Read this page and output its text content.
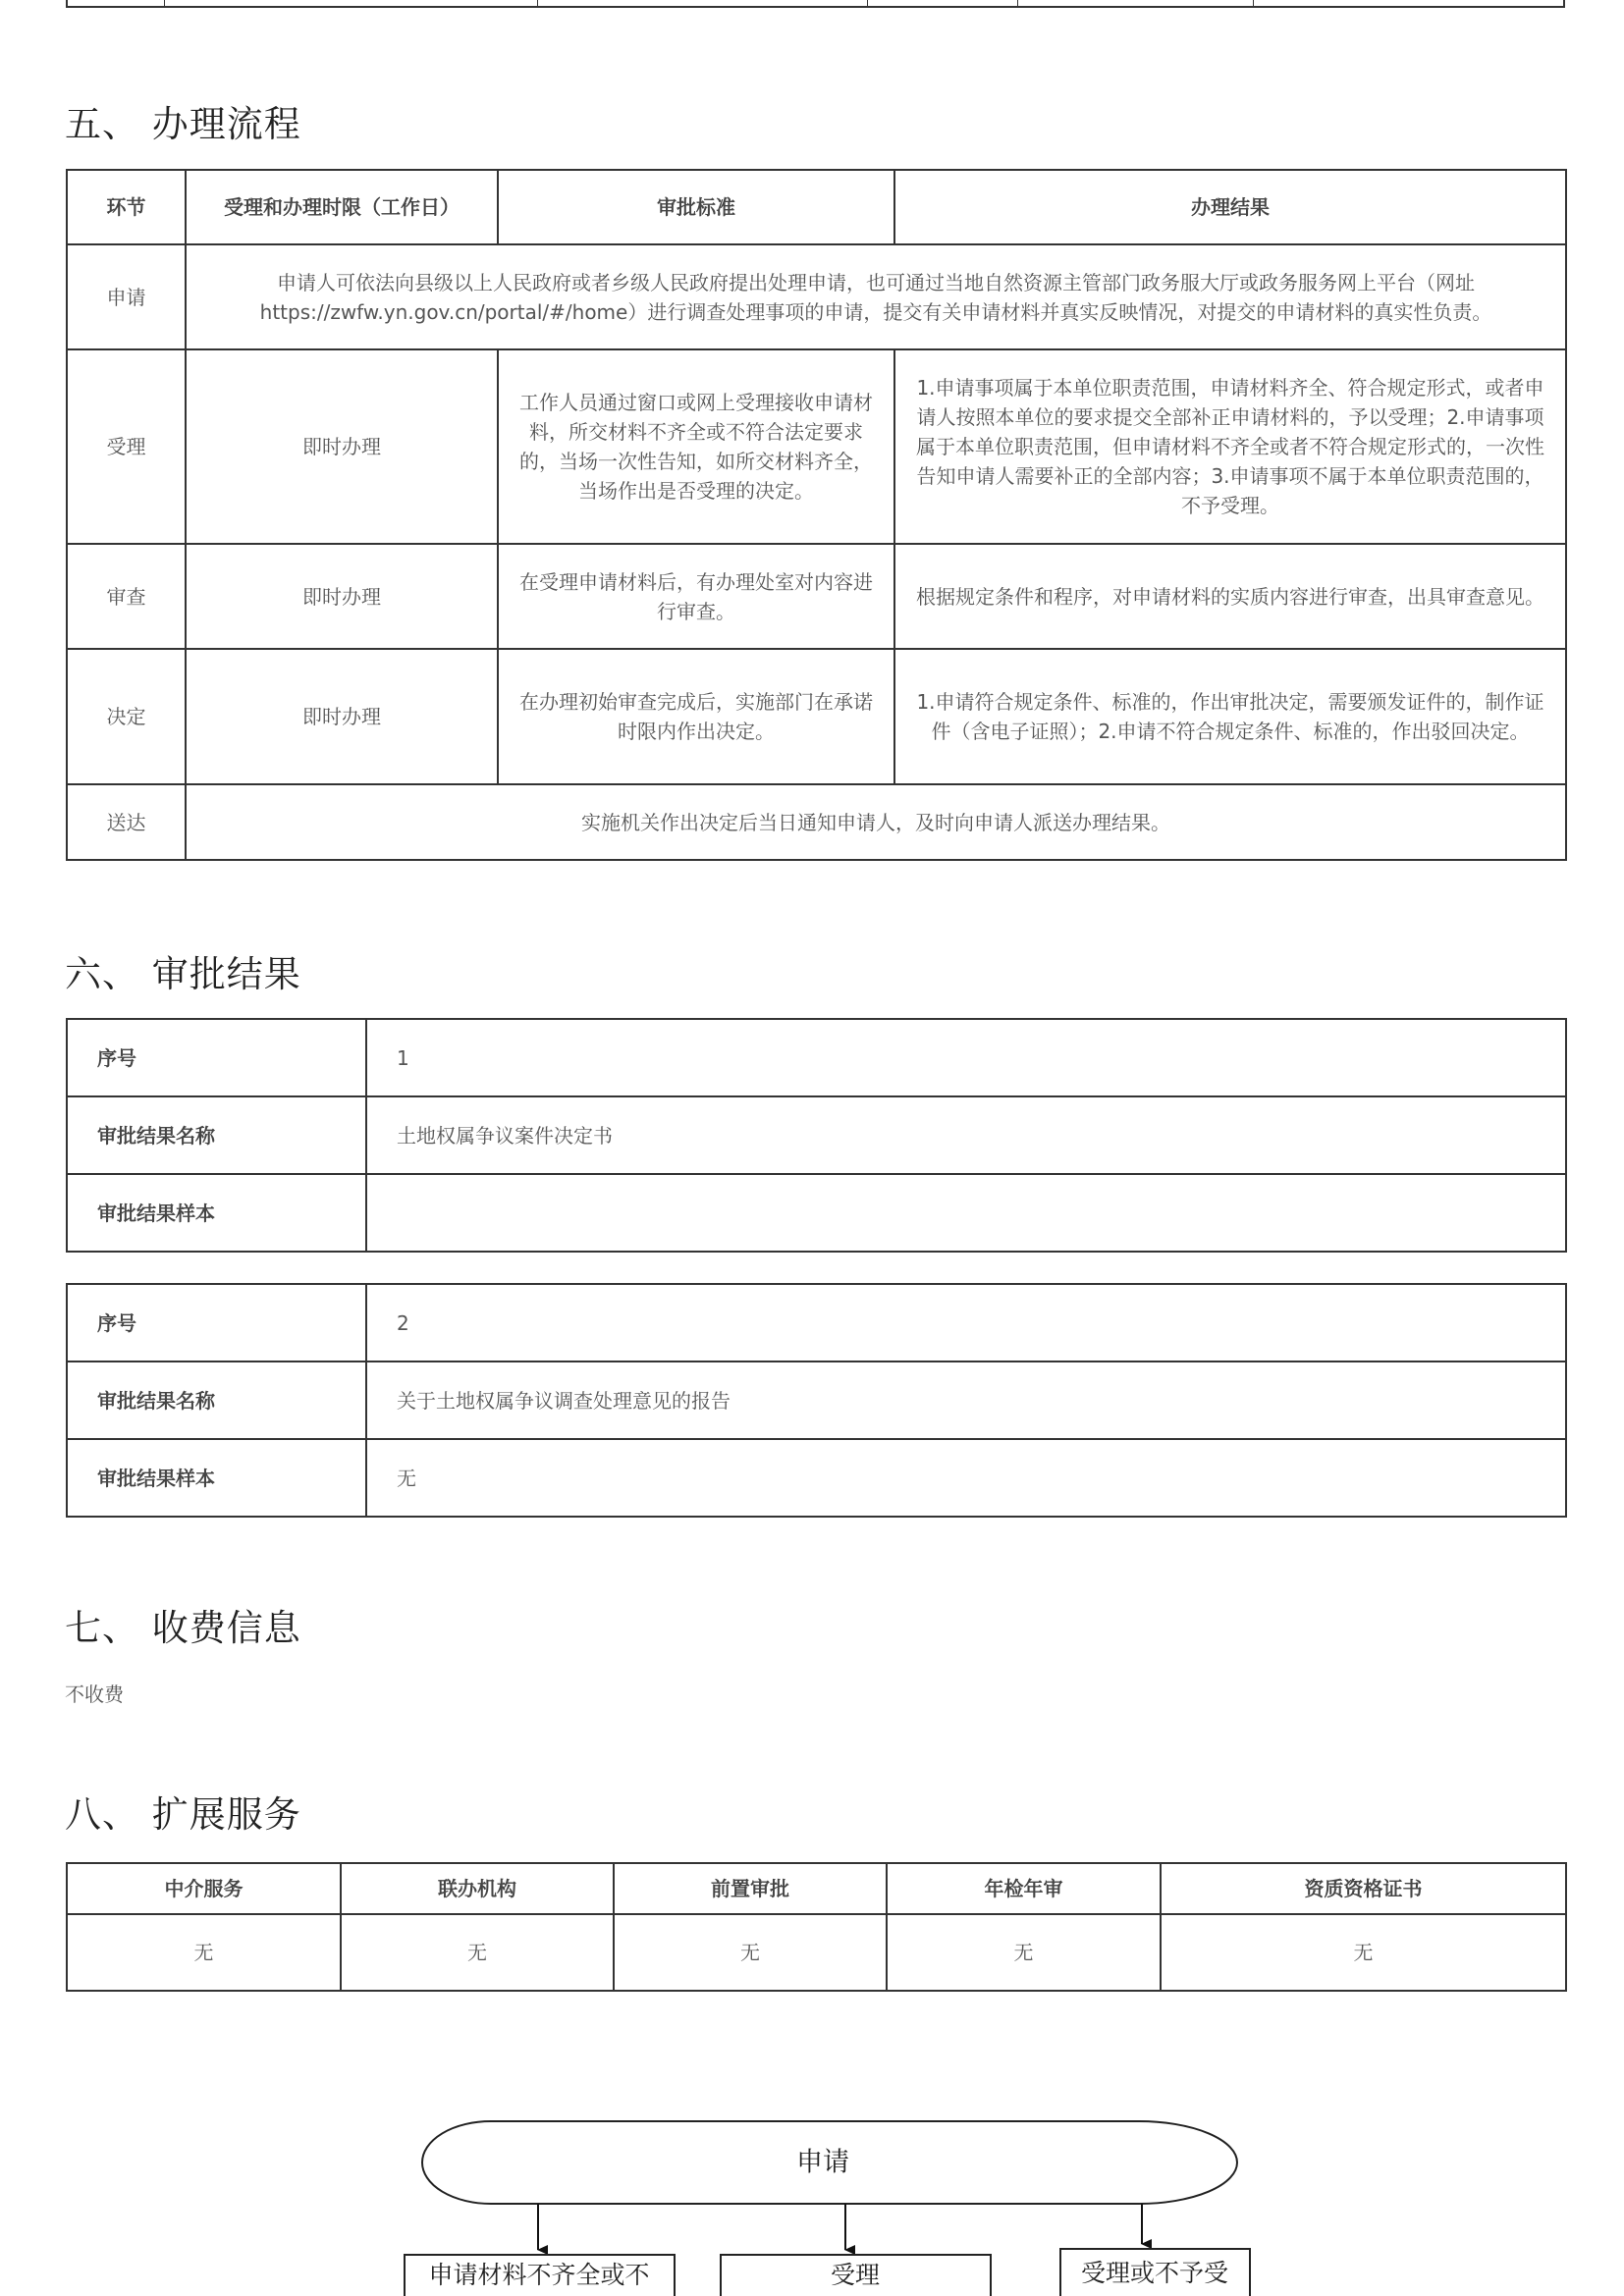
五、 办理流程
环节	受理和办理时限（工作日）	审批标准	办理结果
申请	申请人可依法向县级以上人民政府或者乡级人民政府提出处理申请，也可通过当地自然资源主管部门政务服大厅或政务服务网上平台（网址https://zwfw.yn.gov.cn/portal/#/home）进行调查处理事项的申请，提交有关申请材料并真实反映情况，对提交的申请材料的真实性负责。		
受理	即时办理	工作人员通过窗口或网上受理接收申请材料，所交材料不齐全或不符合法定要求的，当场一次性告知，如所交材料齐全，当场作出是否受理的决定。	1.申请事项属于本单位职责范围，申请材料齐全、符合规定形式，或者申请人按照本单位的要求提交全部补正申请材料的，予以受理；2.申请事项属于本单位职责范围，但申请材料不齐全或者不符合规定形式的，一次性告知申请人需要补正的全部内容；3.申请事项不属于本单位职责范围的，不予受理。
审查	即时办理	在受理申请材料后，有办理处室对内容进行审查。	根据规定条件和程序，对申请材料的实质内容进行审查，出具审查意见。
决定	即时办理	在办理初始审查完成后，实施部门在承诺时限内作出决定。	1.申请符合规定条件、标准的，作出审批决定，需要颁发证件的，制作证件（含电子证照）；2.申请不符合规定条件、标准的，作出驳回决定。
送达	实施机关作出决定后当日通知申请人，及时向申请人派送办理结果。		
六、 审批结果
序号	1
审批结果名称	土地权属争议案件决定书
审批结果样本	
序号	2
审批结果名称	关于土地权属争议调查处理意见的报告
审批结果样本	无
七、 收费信息
不收费
八、 扩展服务
中介服务	联办机构	前置审批	年检年审	资质资格证书
无	无	无	无	无
申请
申请材料不齐全或不	受理	受理或不予受
